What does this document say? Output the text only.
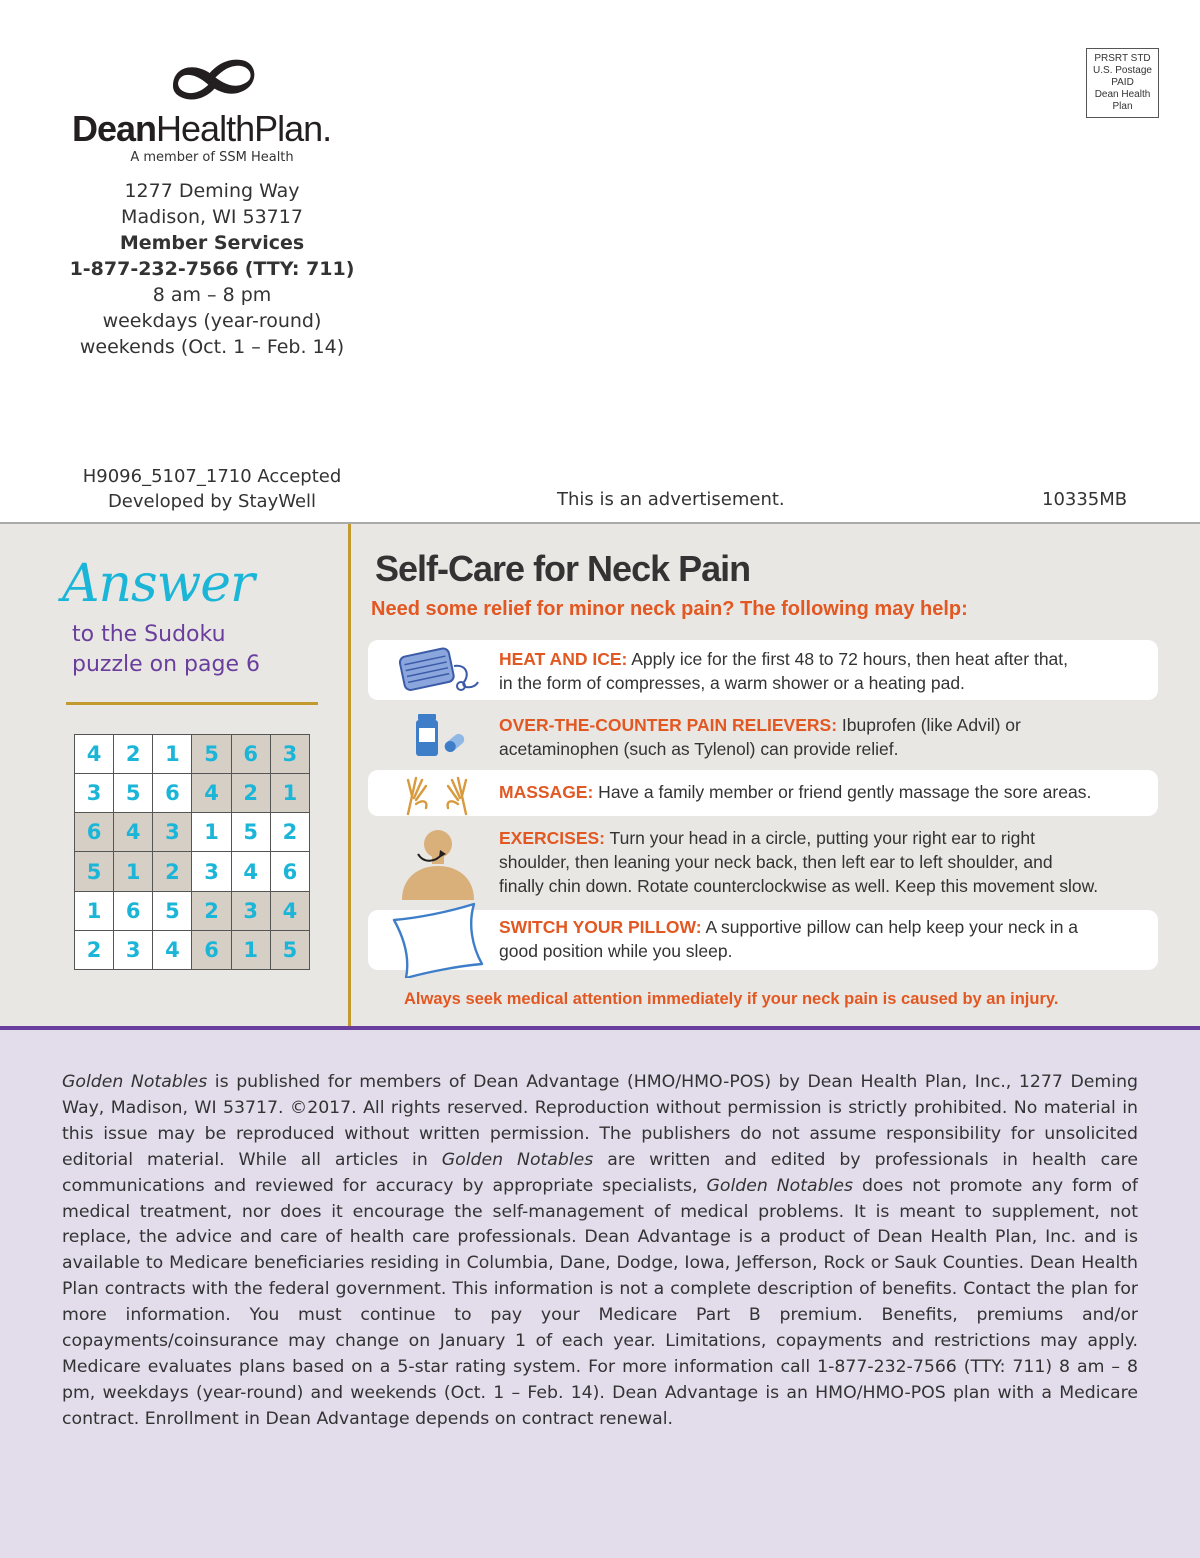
DeanHealthPlan.
A member of SSM Health
1277 Deming Way
Madison, WI 53717
Member Services
1-877-232-7566 (TTY: 711)
8 am – 8 pm
weekdays (year-round)
weekends (Oct. 1 – Feb. 14)
PRSRT STD
U.S. Postage
PAID
Dean Health
Plan
H9096_5107_1710 Accepted
Developed by StayWell	This is an advertisement.	10335MB
Answer
to the Sudoku
puzzle on page 6
4	2	1	5	6	3
3	5	6	4	2	1
6	4	3	1	5	2
5	1	2	3	4	6
1	6	5	2	3	4
2	3	4	6	1	5
Self-Care for Neck Pain
Need some relief for minor neck pain? The following may help:
HEAT AND ICE: Apply ice for the first 48 to 72 hours, then heat after that,
in the form of compresses, a warm shower or a heating pad.
OVER-THE-COUNTER PAIN RELIEVERS: Ibuprofen (like Advil) or
acetaminophen (such as Tylenol) can provide relief.
MASSAGE: Have a family member or friend gently massage the sore areas.
EXERCISES: Turn your head in a circle, putting your right ear to right
shoulder, then leaning your neck back, then left ear to left shoulder, and
finally chin down. Rotate counterclockwise as well. Keep this movement slow.
SWITCH YOUR PILLOW: A supportive pillow can help keep your neck in a
good position while you sleep.
Always seek medical attention immediately if your neck pain is caused by an injury.
Golden Notables is published for members of Dean Advantage (HMO/HMO-POS) by Dean Health Plan, Inc., 1277 Deming Way, Madison, WI 53717. ©2017. All rights reserved. Reproduction without permission is strictly prohibited. No material in this issue may be reproduced without written permission. The publishers do not assume responsibility for unsolicited editorial material. While all articles in Golden Notables are written and edited by professionals in health care communications and reviewed for accuracy by appropriate specialists, Golden Notables does not promote any form of medical treatment, nor does it encourage the self-management of medical problems. It is meant to supplement, not replace, the advice and care of health care professionals. Dean Advantage is a product of Dean Health Plan, Inc. and is available to Medicare beneficiaries residing in Columbia, Dane, Dodge, Iowa, Jefferson, Rock or Sauk Counties. Dean Health Plan contracts with the federal government. This information is not a complete description of benefits. Contact the plan for more information. You must continue to pay your Medicare Part B premium. Benefits, premiums and/or copayments/coinsurance may change on January 1 of each year. Limitations, copayments and restrictions may apply. Medicare evaluates plans based on a 5-star rating system. For more information call 1-877-232-7566 (TTY: 711) 8 am – 8 pm, weekdays (year-round) and weekends (Oct. 1 – Feb. 14). Dean Advantage is an HMO/HMO-POS plan with a Medicare contract. Enrollment in Dean Advantage depends on contract renewal.
